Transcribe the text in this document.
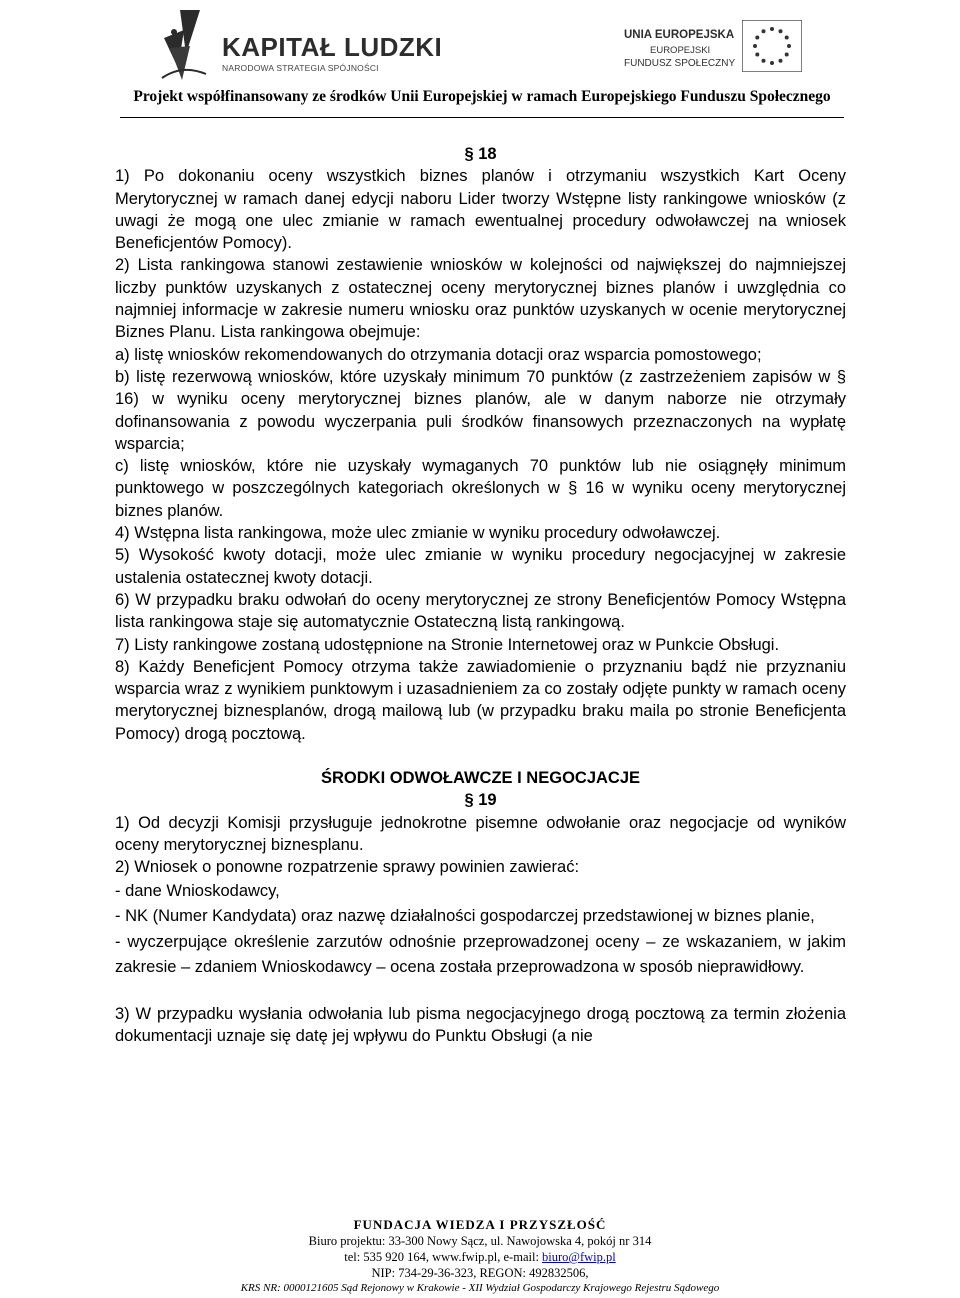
KAPITAŁ LUDZKI
NARODOWA STRATEGIA SPÓJNOŚCI
UNIA EUROPEJSKA
EUROPEJSKI
FUNDUSZ SPOŁECZNY
Projekt współfinansowany ze środków Unii Europejskiej w ramach Europejskiego Funduszu Społecznego

§ 18

1) Po dokonaniu oceny wszystkich biznes planów i otrzymaniu wszystkich Kart Oceny Merytorycznej w ramach danej edycji naboru Lider tworzy Wstępne listy rankingowe wniosków (z uwagi że mogą one ulec zmianie w ramach ewentualnej procedury odwoławczej na wniosek Beneficjentów Pomocy).

2) Lista rankingowa stanowi zestawienie wniosków w kolejności od największej do najmniejszej liczby punktów uzyskanych z ostatecznej oceny merytorycznej biznes planów i uwzględnia co najmniej informacje w zakresie numeru wniosku oraz punktów uzyskanych w ocenie merytorycznej Biznes Planu. Lista rankingowa obejmuje:

a) listę wniosków rekomendowanych do otrzymania dotacji oraz wsparcia pomostowego;

b) listę rezerwową wniosków, które uzyskały minimum 70 punktów (z zastrzeżeniem zapisów w § 16) w wyniku oceny merytorycznej biznes planów, ale w danym naborze nie otrzymały dofinansowania z powodu wyczerpania puli środków finansowych przeznaczonych na wypłatę wsparcia;

c) listę wniosków, które nie uzyskały wymaganych 70 punktów lub nie osiągnęły minimum punktowego w poszczególnych kategoriach określonych w § 16 w wyniku oceny merytorycznej biznes planów.

4) Wstępna lista rankingowa, może ulec zmianie w wyniku procedury odwoławczej.

5) Wysokość kwoty dotacji, może ulec zmianie w wyniku procedury negocjacyjnej w zakresie ustalenia ostatecznej kwoty dotacji.

6) W przypadku braku odwołań do oceny merytorycznej ze strony Beneficjentów Pomocy Wstępna lista rankingowa staje się automatycznie Ostateczną listą rankingową.

7) Listy rankingowe zostaną udostępnione na Stronie Internetowej oraz w Punkcie Obsługi.

8) Każdy Beneficjent Pomocy otrzyma także zawiadomienie o przyznaniu bądź nie przyznaniu wsparcia wraz z wynikiem punktowym i uzasadnieniem za co zostały odjęte punkty w ramach oceny merytorycznej biznesplanów, drogą mailową lub (w przypadku braku maila po stronie Beneficjenta Pomocy) drogą pocztową.

ŚRODKI ODWOŁAWCZE I NEGOCJACJE

§ 19

1) Od decyzji Komisji przysługuje jednokrotne pisemne odwołanie oraz negocjacje od wyników oceny merytorycznej biznesplanu.

2) Wniosek o ponowne rozpatrzenie sprawy powinien zawierać:

- dane Wnioskodawcy,

- NK (Numer Kandydata) oraz nazwę działalności gospodarczej przedstawionej w biznes planie,

- wyczerpujące określenie zarzutów odnośnie przeprowadzonej oceny – ze wskazaniem, w jakim zakresie – zdaniem Wnioskodawcy – ocena została przeprowadzona w sposób nieprawidłowy.

3) W przypadku wysłania odwołania lub pisma negocjacyjnego drogą pocztową za termin złożenia dokumentacji uznaje się datę jej wpływu do Punktu Obsługi (a nie

FUNDACJA WIEDZA I PRZYSZŁOŚĆ
Biuro projektu: 33-300 Nowy Sącz, ul. Nawojowska 4, pokój nr 314
tel: 535 920 164, www.fwip.pl, e-mail: biuro@fwip.pl
NIP: 734-29-36-323, REGON: 492832506,
KRS NR: 0000121605 Sąd Rejonowy w Krakowie - XII Wydział Gospodarczy Krajowego Rejestru Sądowego
